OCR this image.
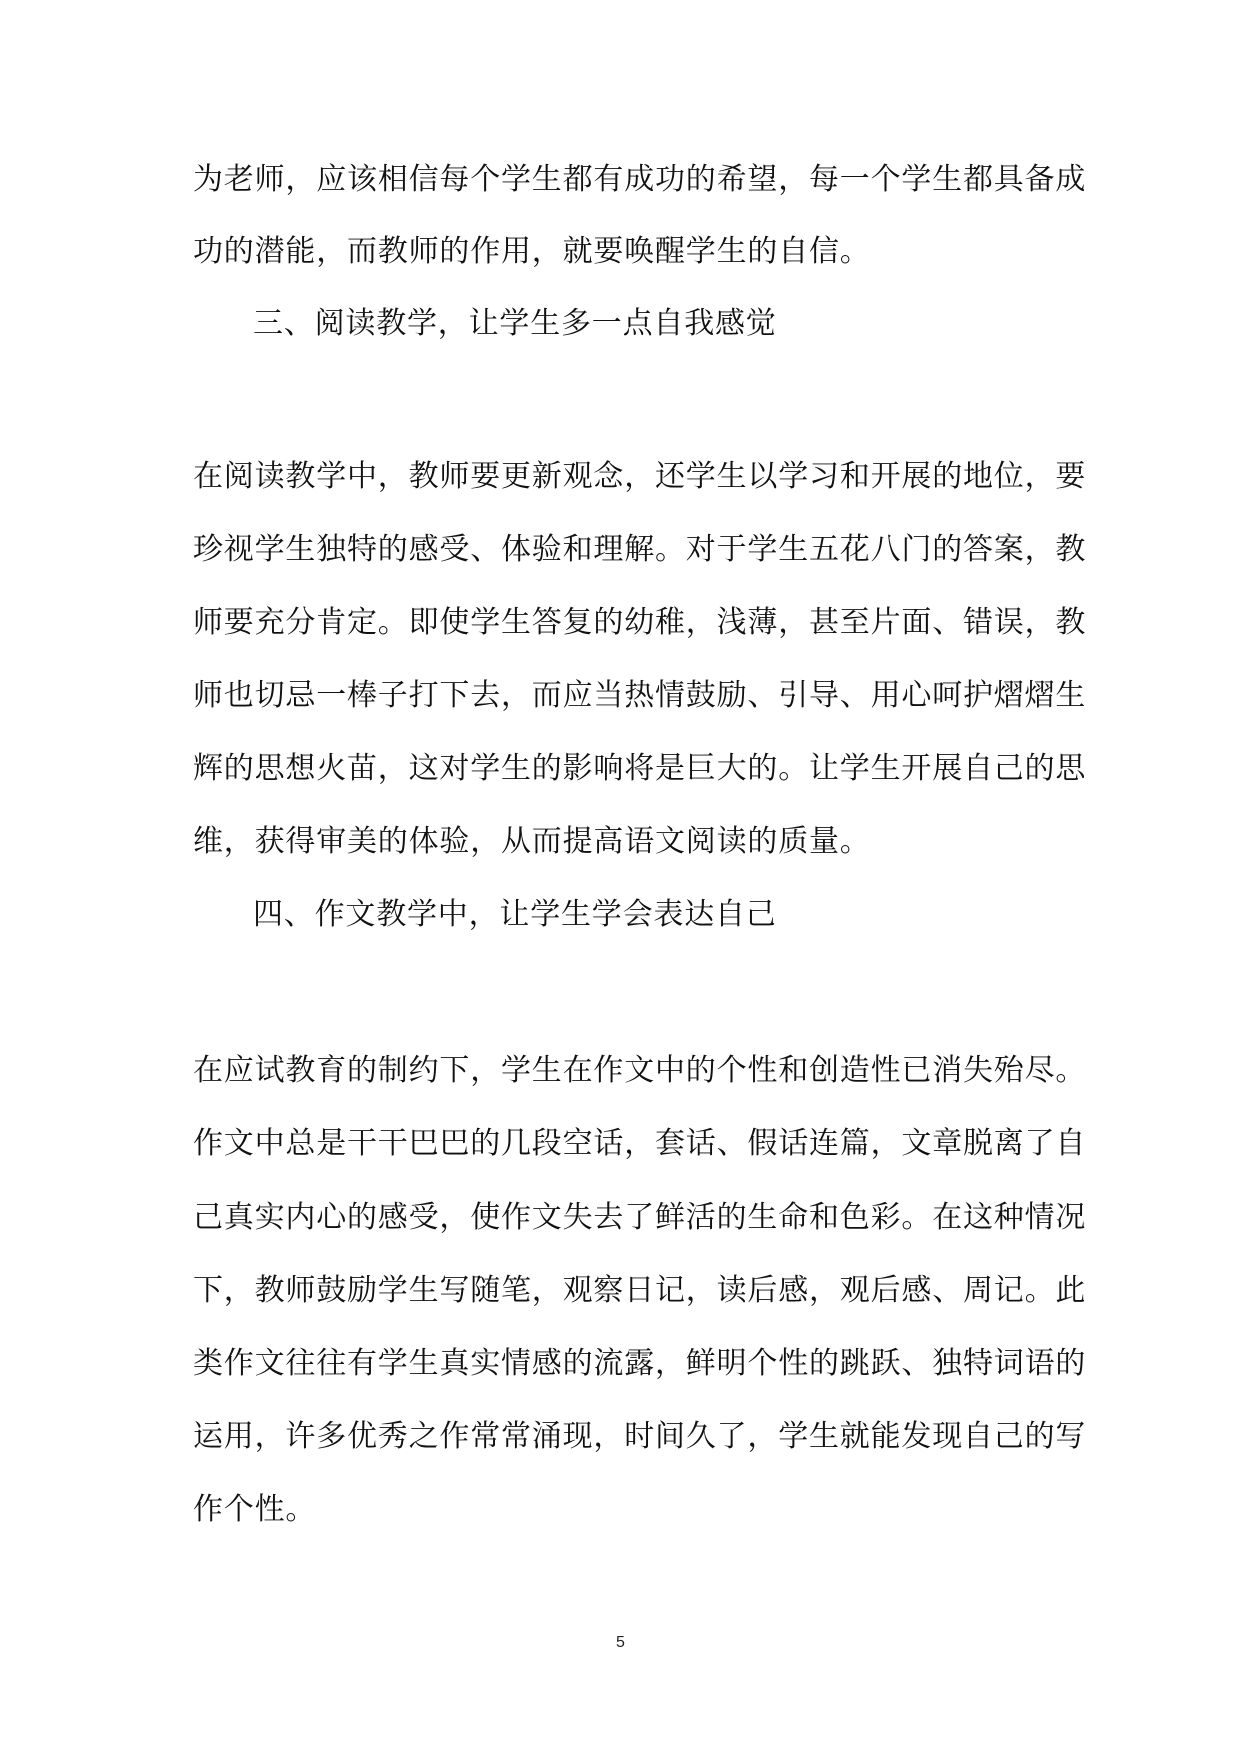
为老师，应该相信每个学生都有成功的希望，每一个学生都具备成
功的潜能，而教师的作用，就要唤醒学生的自信。
三、阅读教学，让学生多一点自我感觉
在阅读教学中，教师要更新观念，还学生以学习和开展的地位，要
珍视学生独特的感受、体验和理解。对于学生五花八门的答案，教
师要充分肯定。即使学生答复的幼稚，浅薄，甚至片面、错误，教
师也切忌一棒子打下去，而应当热情鼓励、引导、用心呵护熠熠生
辉的思想火苗，这对学生的影响将是巨大的。让学生开展自己的思
维，获得审美的体验，从而提高语文阅读的质量。
四、作文教学中，让学生学会表达自己
在应试教育的制约下，学生在作文中的个性和创造性已消失殆尽。
作文中总是干干巴巴的几段空话，套话、假话连篇，文章脱离了自
己真实内心的感受，使作文失去了鲜活的生命和色彩。在这种情况
下，教师鼓励学生写随笔，观察日记，读后感，观后感、周记。此
类作文往往有学生真实情感的流露，鲜明个性的跳跃、独特词语的
运用，许多优秀之作常常涌现，时间久了，学生就能发现自己的写
作个性。
5
